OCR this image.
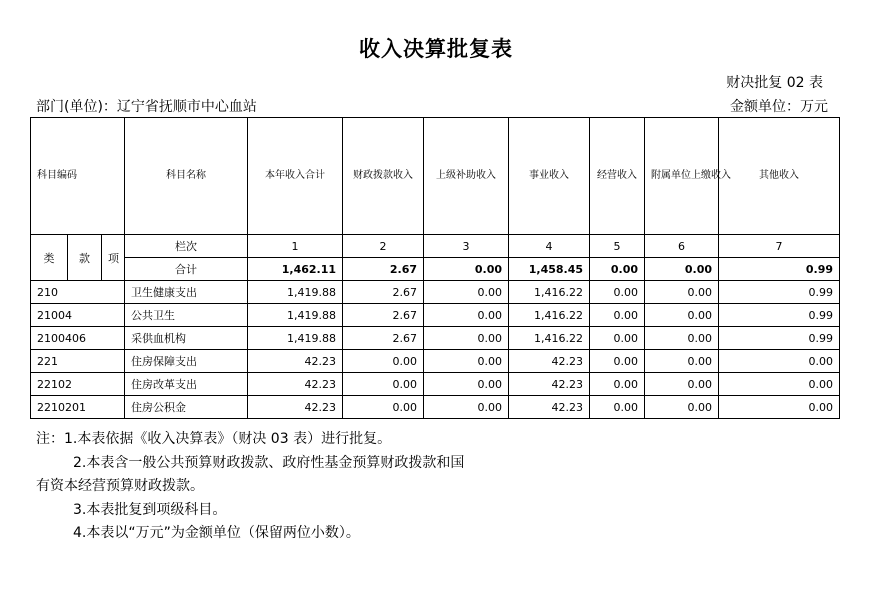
收入决算批复表
财决批复 02 表
部门(单位)：辽宁省抚顺市中心血站	金额单位：万元
科目编码			科目名称	本年收入合计	财政拨款收入	上级补助收入	事业收入	经营收入	附属单位上缴收入	其他收入
类	款	项	栏次	1	2	3	4	5	6	7
			合计	1,462.11	2.67	0.00	1,458.45	0.00	0.00	0.99
210			卫生健康支出	1,419.88	2.67	0.00	1,416.22	0.00	0.00	0.99
21004			公共卫生	1,419.88	2.67	0.00	1,416.22	0.00	0.00	0.99
2100406			采供血机构	1,419.88	2.67	0.00	1,416.22	0.00	0.00	0.99
221			住房保障支出	42.23	0.00	0.00	42.23	0.00	0.00	0.00
22102			住房改革支出	42.23	0.00	0.00	42.23	0.00	0.00	0.00
2210201			住房公积金	42.23	0.00	0.00	42.23	0.00	0.00	0.00
注：1.本表依据《收入决算表》（财决 03 表）进行批复。
2.本表含一般公共预算财政拨款、政府性基金预算财政拨款和国
有资本经营预算财政拨款。
3.本表批复到项级科目。
4.本表以“万元”为金额单位（保留两位小数）。
